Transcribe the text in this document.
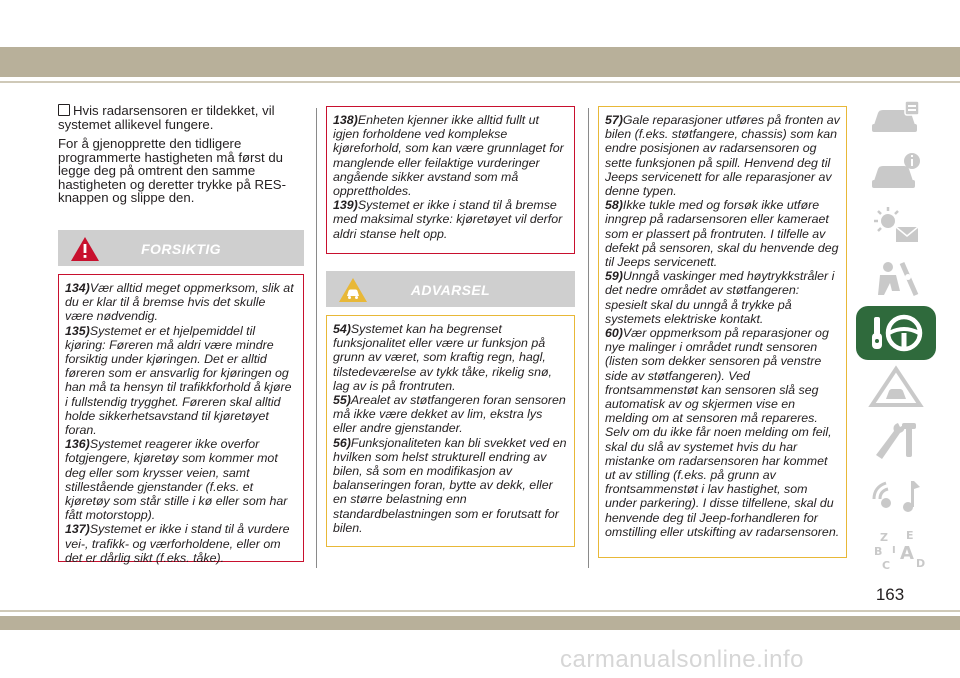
Hvis radarsensoren er tildekket, vil systemet allikevel fungere.

For å gjenopprette den tidligere programmerte hastigheten må først du legge deg på omtrent den samme hastigheten og deretter trykke på RES-knappen og slippe den.

FORSIKTIG

134)Vær alltid meget oppmerksom, slik at du er klar til å bremse hvis det skulle være nødvendig.

135)Systemet er et hjelpemiddel til kjøring: Føreren må aldri være mindre forsiktig under kjøringen. Det er alltid føreren som er ansvarlig for kjøringen og han må ta hensyn til trafikkforhold å kjøre i fullstendig trygghet. Føreren skal alltid holde sikkerhetsavstand til kjøretøyet foran.

136)Systemet reagerer ikke overfor fotgjengere, kjøretøy som kommer mot deg eller som krysser veien, samt stillestående gjenstander (f.eks. et kjøretøy som står stille i kø eller som har fått motorstopp).

137)Systemet er ikke i stand til å vurdere vei-, trafikk- og værforholdene, eller om det er dårlig sikt (f.eks. tåke).

138)Enheten kjenner ikke alltid fullt ut igjen forholdene ved komplekse kjøreforhold, som kan være grunnlaget for manglende eller feilaktige vurderinger angående sikker avstand som må opprettholdes.

139)Systemet er ikke i stand til å bremse med maksimal styrke: kjøretøyet vil derfor aldri stanse helt opp.

ADVARSEL

54)Systemet kan ha begrenset funksjonalitet eller være ur funksjon på grunn av været, som kraftig regn, hagl, tilstedeværelse av tykk tåke, rikelig snø, lag av is på frontruten.

55)Arealet av støtfangeren foran sensoren må ikke være dekket av lim, ekstra lys eller andre gjenstander.

56)Funksjonaliteten kan bli svekket ved en hvilken som helst strukturell endring av bilen, så som en modifikasjon av balanseringen foran, bytte av dekk, eller en større belastning enn standardbelastningen som er forutsatt for bilen.

57)Gale reparasjoner utføres på fronten av bilen (f.eks. støtfangere, chassis) som kan endre posisjonen av radarsensoren og sette funksjonen på spill. Henvend deg til Jeeps servicenett for alle reparasjoner av denne typen.

58)Ikke tukle med og forsøk ikke utføre inngrep på radarsensoren eller kameraet som er plassert på frontruten. I tilfelle av defekt på sensoren, skal du henvende deg til Jeeps servicenett.

59)Unngå vaskinger med høytrykkstråler i det nedre området av støtfangeren: spesielt skal du unngå å trykke på systemets elektriske kontakt.

60)Vær oppmerksom på reparasjoner og nye malinger i området rundt sensoren (listen som dekker sensoren på venstre side av støtfangeren). Ved frontsammenstøt kan sensoren slå seg automatisk av og skjermen vise en melding om at sensoren må repareres. Selv om du ikke får noen melding om feil, skal du slå av systemet hvis du har mistanke om radarsensoren har kommet ut av stilling (f.eks. på grunn av frontsammenstøt i lav hastighet, som under parkering). I disse tilfellene, skal du henvende deg til Jeep-forhandleren for omstilling eller utskifting av radarsensoren.	Z E
B A
C D
I
163
carmanualsonline.info
